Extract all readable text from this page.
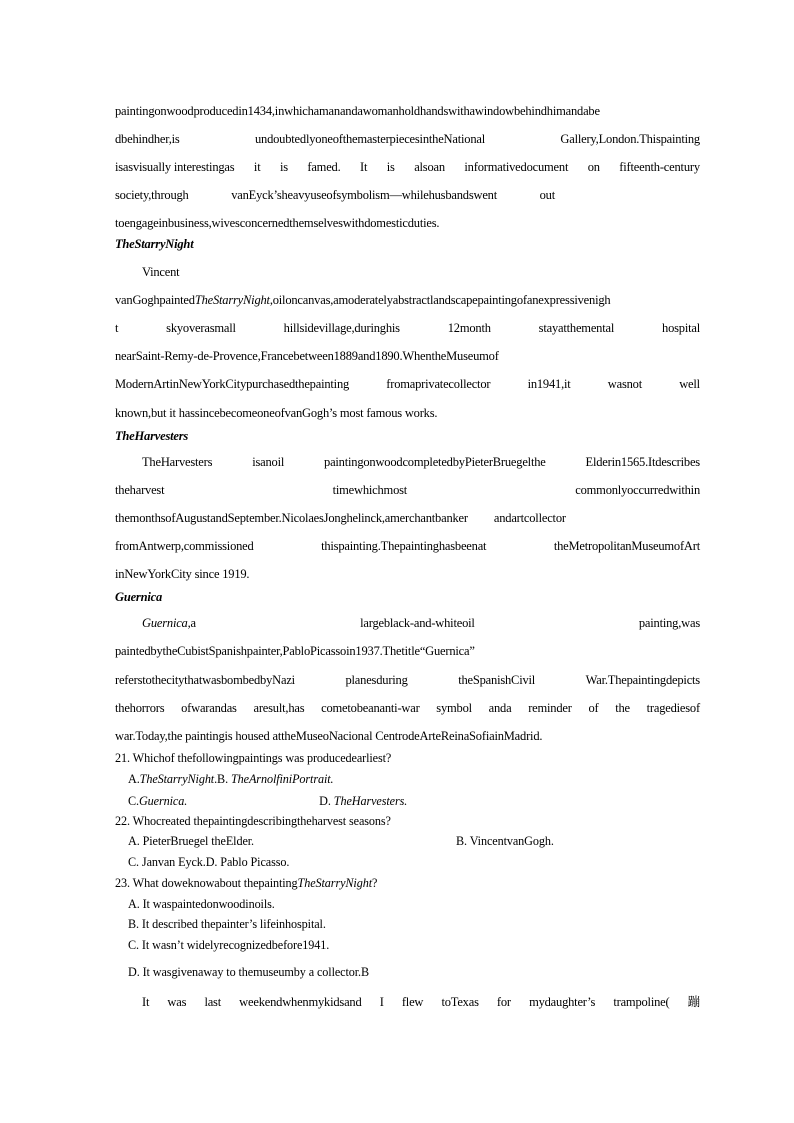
paintingonwoodproducedin1434,inwhichamanandawomanholdhandswithawindowbehindhimandabe
dbehindher,is	undoubtedlyoneofthemasterpiecesintheNational	Gallery,London.Thispainting
isasvisually interestingas it is famed. It is alsoan informativedocument on fifteenth-century
society,through	vanEyck’sheavyuseofsymbolism—whilehusbandswent	out
toengageinbusiness,wivesconcernedthemselveswithdomesticduties.
TheStarryNight
Vincent
vanGoghpaintedTheStarryNight,oiloncanvas,amoderatelyabstractlandscapepaintingofanexpressivenigh
t	skyoverasmall	hillsidevillage,duringhis	12month	stayatthemental	hospital
nearSaint-Remy-de-Provence,Francebetween1889and1890.WhentheMuseumof
ModernArtinNewYorkCitypurchasedthepainting	fromaprivatecollector	in1941,it	wasnot	well
known,but it hassincebecomeoneofvanGogh’s most famous works.
TheHarvesters
TheHarvesters	isanoil	paintingonwoodcompletedbyPieterBruegelthe	Elderin1565.Itdescribes
theharvest	timewhichmost	commonlyoccurredwithin
themonthsofAugustandSeptember.NicolaesJonghelinck,amerchantbanker andartcollector
fromAntwerp,commissioned	thispainting.Thepaintinghasbeenat	theMetropolitanMuseumofArt
inNewYorkCity since 1919.
Guernica
Guernica,a	largeblack-and-whiteoil	painting,was
paintedbytheCubistSpanishpainter,PabloPicassoin1937.Thetitle“Guernica”
referstothecitythatwasbombedbyNazi	planesduring	theSpanishCivil	War.Thepaintingdepicts
thehorrors ofwarandas aresult,has cometobeananti-war symbol anda reminder of the tragediesof
war.Today,the paintingis housed attheMuseoNacional CentrodeArteReinaSofiainMadrid.
21. Whichof thefollowingpaintings was producedearliest?
A.TheStarryNight.B. TheArnolfiniPortrait.
C.Guernica.	D. TheHarvesters.
22. Whocreated thepaintingdescribingtheharvest seasons?
A. PieterBruegel theElder.	B. VincentvanGogh.
C. Janvan Eyck.D. Pablo Picasso.
23. What doweknowabout thepaintingTheStarryNight?
A. It waspaintedonwoodinoils.
B. It described thepainter’s lifeinhospital.
C. It wasn’t widelyrecognizedbefore1941.
D. It wasgivenaway to themuseumby a collector.B
It was last weekendwhenmykidsand I flew toTexas for mydaughter’s trampoline( 蹦
